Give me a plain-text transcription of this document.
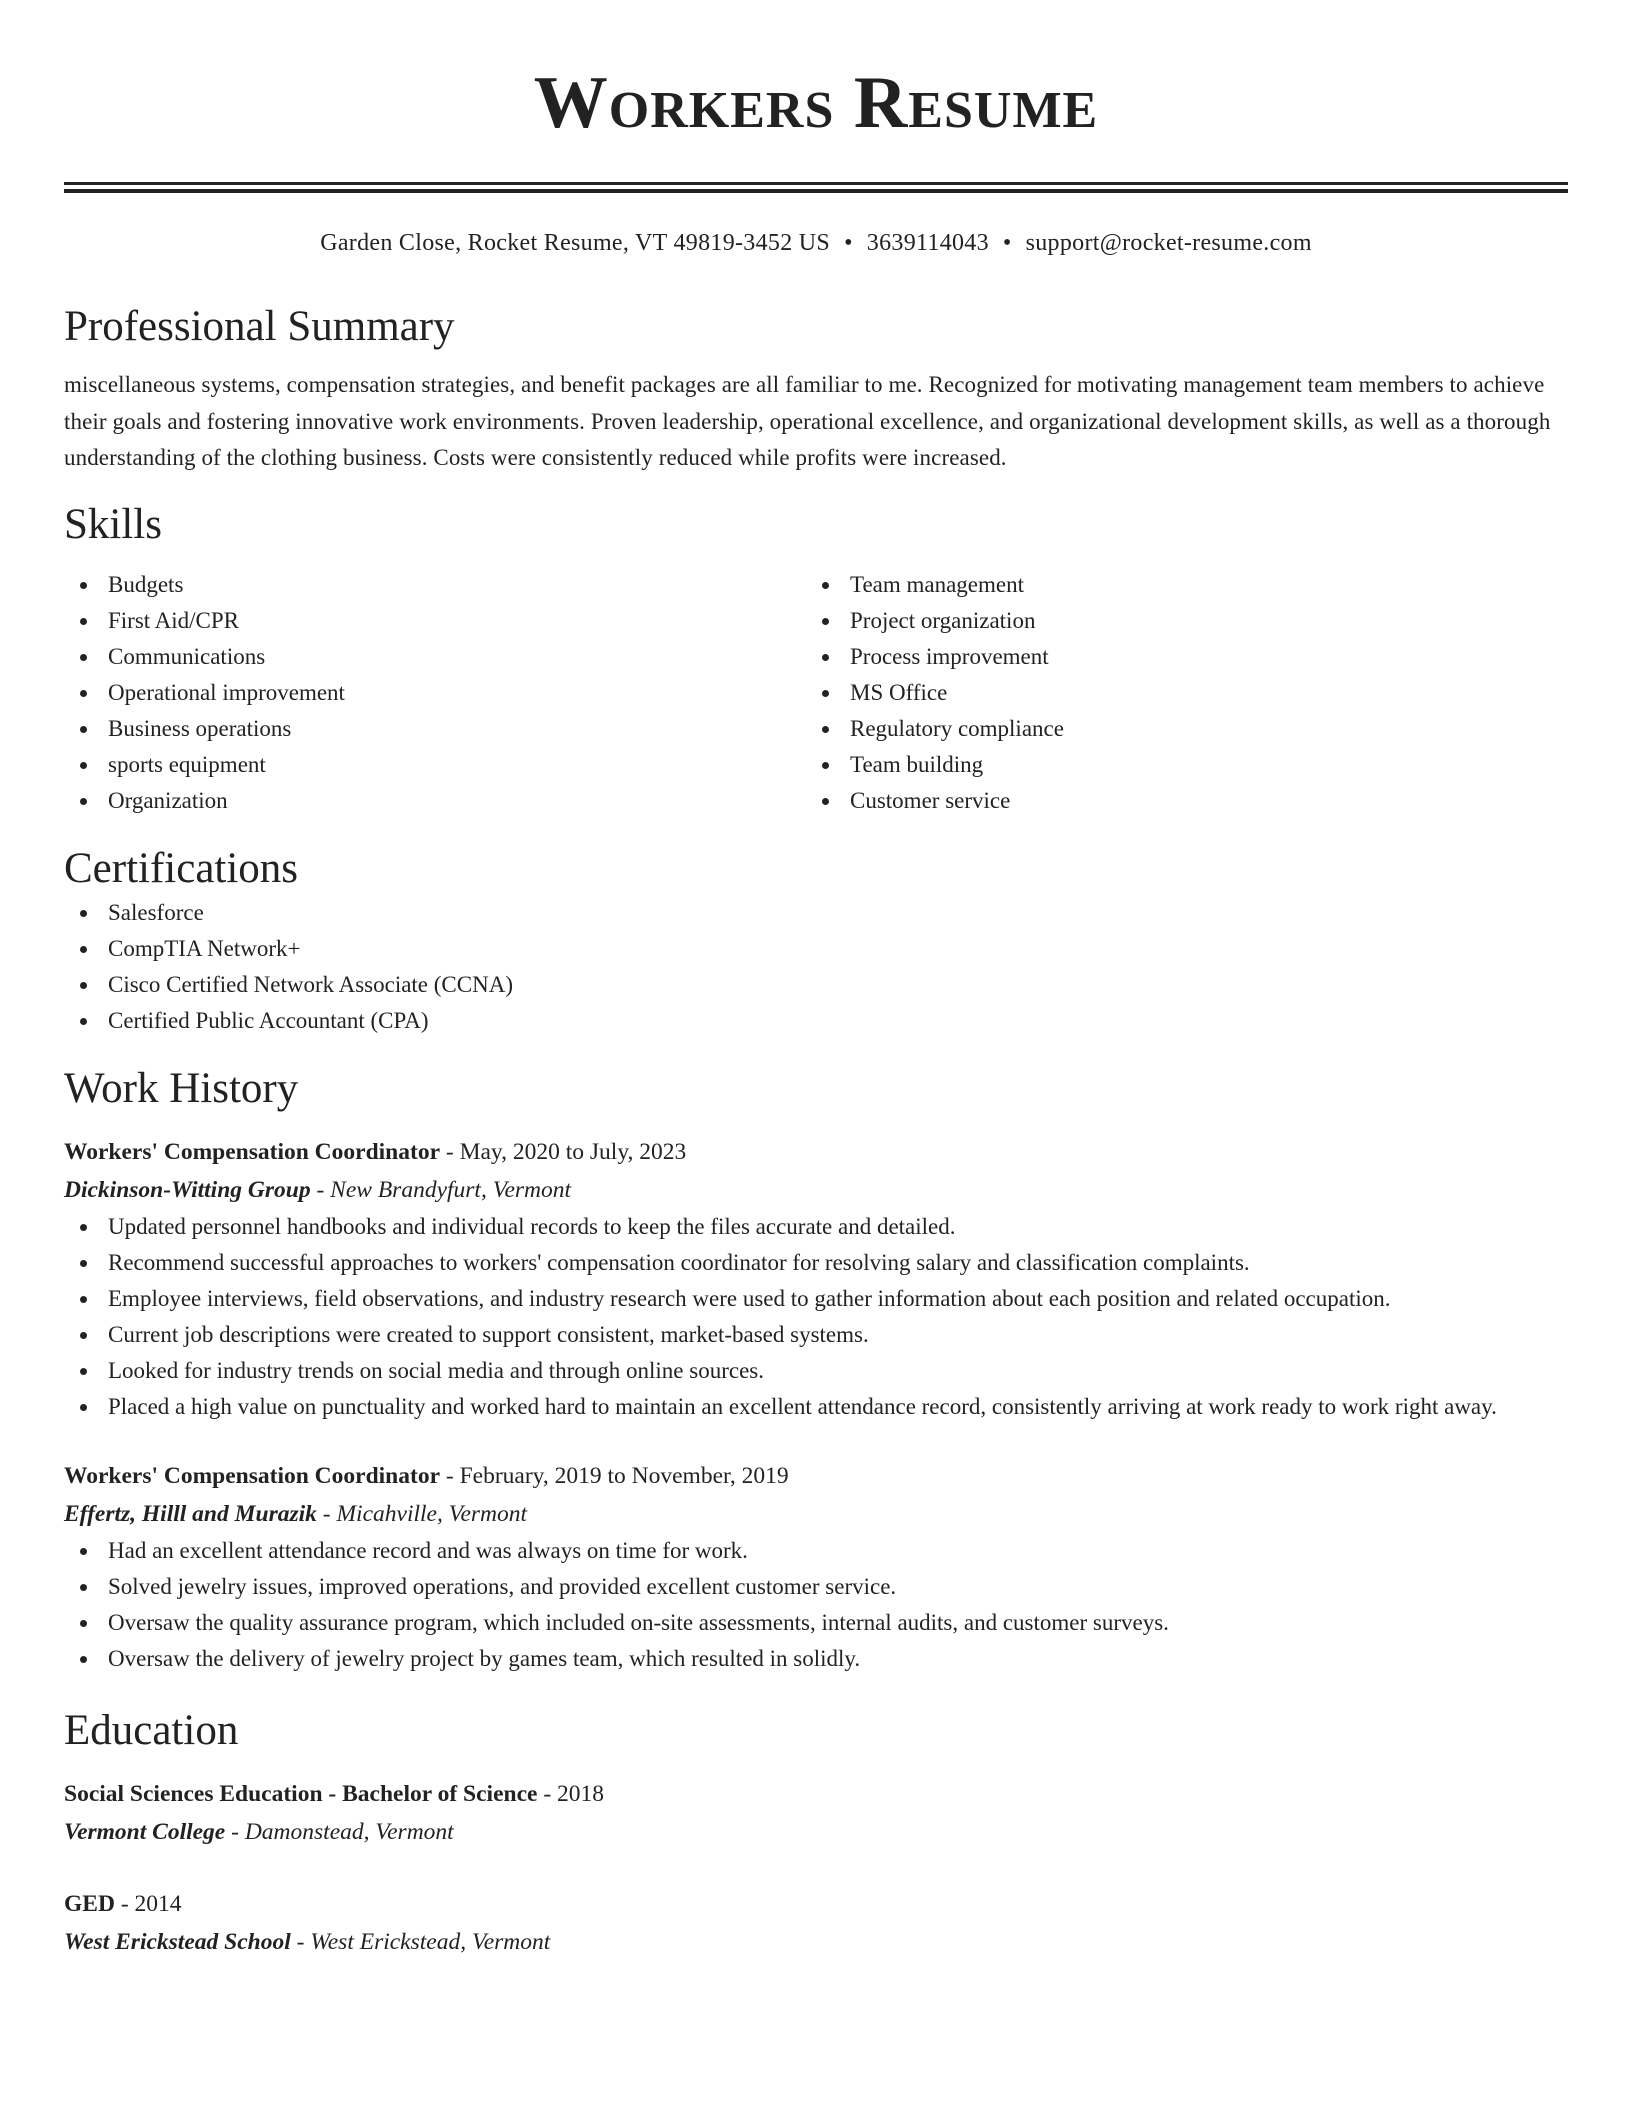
Workers Resume
Garden Close, Rocket Resume, VT 49819-3452 US • 3639114043 • support@rocket-resume.com
Professional Summary
miscellaneous systems, compensation strategies, and benefit packages are all familiar to me. Recognized for motivating management team members to achieve their goals and fostering innovative work environments. Proven leadership, operational excellence, and organizational development skills, as well as a thorough understanding of the clothing business. Costs were consistently reduced while profits were increased.
Skills
Budgets
First Aid/CPR
Communications
Operational improvement
Business operations
sports equipment
Organization
Team management
Project organization
Process improvement
MS Office
Regulatory compliance
Team building
Customer service
Certifications
Salesforce
CompTIA Network+
Cisco Certified Network Associate (CCNA)
Certified Public Accountant (CPA)
Work History
Workers' Compensation Coordinator - May, 2020 to July, 2023
Dickinson-Witting Group - New Brandyfurt, Vermont
Updated personnel handbooks and individual records to keep the files accurate and detailed.
Recommend successful approaches to workers' compensation coordinator for resolving salary and classification complaints.
Employee interviews, field observations, and industry research were used to gather information about each position and related occupation.
Current job descriptions were created to support consistent, market-based systems.
Looked for industry trends on social media and through online sources.
Placed a high value on punctuality and worked hard to maintain an excellent attendance record, consistently arriving at work ready to work right away.
Workers' Compensation Coordinator - February, 2019 to November, 2019
Effertz, Hilll and Murazik - Micahville, Vermont
Had an excellent attendance record and was always on time for work.
Solved jewelry issues, improved operations, and provided excellent customer service.
Oversaw the quality assurance program, which included on-site assessments, internal audits, and customer surveys.
Oversaw the delivery of jewelry project by games team, which resulted in solidly.
Education
Social Sciences Education - Bachelor of Science - 2018
Vermont College - Damonstead, Vermont
GED - 2014
West Erickstead School - West Erickstead, Vermont
